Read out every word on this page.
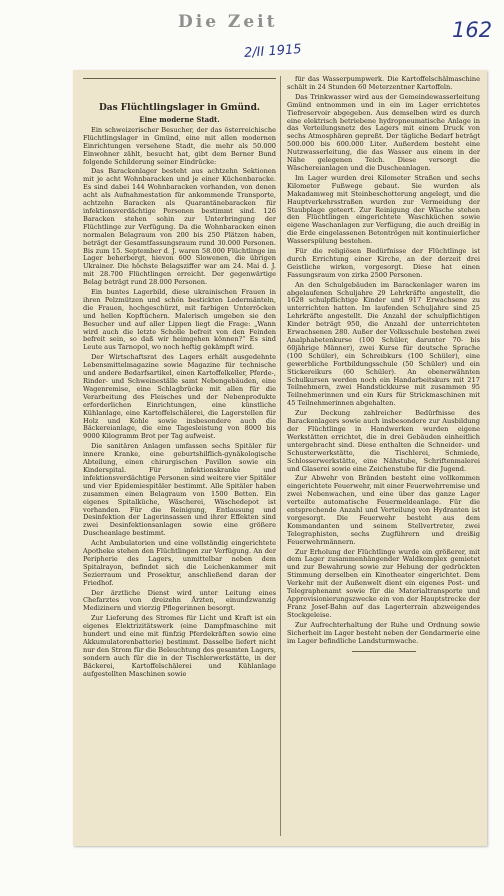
Die Zeit
2/II 1915
162
Das Flüchtlingslager in Gmünd.
Eine moderne Stadt.

Ein schweizerischer Besucher, der das österreichische Flüchtlingslager in Gmünd, eine mit allen modernen Einrichtungen versehene Stadt, die mehr als 50.000 Einwohner zählt, besucht hat, gibt dem Berner Bund folgende Schilderung seiner Eindrücke:

Das Barackenlager besteht aus achtzehn Sektionen mit je acht Wohnbaracken und je einer Küchenbaracke. Es sind dabei 144 Wohnbaracken vorhanden, von denen acht als Aufnahmestation für ankommende Transporte, achtzehn Baracken als Quarantänebaracken für infektionsverdächtige Personen bestimmt sind. 126 Baracken stehen sohin zur Unterbringung der Flüchtlinge zur Verfügung. Da die Wohnbaracken einen normalen Belagraum von 200 bis 250 Plätzen haben, beträgt der Gesamtfassungsraum rund 30.000 Personen. Bis zum 15. September d. J. waren 58.000 Flüchtlinge im Lager beherbergt, hievon 600 Slowenen, die übrigen Ukrainer. Die höchste Belagsziffer war am 24. Mai d. J. mit 28.700 Flüchtlingen erreicht. Der gegenwärtige Belag beträgt rund 28.000 Personen.

Ein buntes Lagerbild, diese ukrainischen Frauen in ihren Pelzmützen und schön bestickten Ledermänteln, die Frauen, hochgeschürzt, mit farbigen Unterröcken und hellen Kopftüchern. Malerisch umgeben sie den Besucher und auf aller Lippen liegt die Frage: „Wann wird auch die letzte Scholle befreit von den Feinden befreit sein, so daß wir heimgehen können?“ Es sind Leute aus Tarnopol, wo noch heftig gekämpft wird.

Der Wirtschaftsrat des Lagers erhält ausgedehnte Lebensmittelmagazine sowie Magazine für technische und andere Bedarfsartikel, einen Kartoffelkeller, Pferde-, Rinder- und Schweineställe samt Nebengebäuden, eine Wagenremise, eine Schlagbrücke mit allen für die Verarbeitung des Fleisches und der Nebenprodukte erforderlichen Einrichtungen, eine künstliche Kühlanlage, eine Kartoffelschälerei, die Lagerstellen für Holz und Kohle sowie insbesondere auch die Bäckereianlage, die eine Tagesleistung von 8000 bis 9000 Kilogramm Brot per Tag aufweist.

Die sanitären Anlagen umfassen sechs Spitäler für innere Kranke, eine geburtshilflich-gynäkologische Abteilung, einen chirurgischen Pavillon sowie ein Kinderspital. Für infektionskranke und infektionsverdächtige Personen sind weitere vier Spitäler und vier Epidemiespitäler bestimmt. Alle Spitäler haben zusammen einen Belagraum von 1500 Betten. Ein eigenes Spitalküche, Wäscherei, Wäschedepot ist vorhanden. Für die Reinigung, Entlausung und Desinfektion der Lagerinsassen und ihrer Effekten sind zwei Desinfektionsanlagen sowie eine größere Duscheanlage bestimmt.

Acht Ambulatorien und eine vollständig eingerichtete Apotheke stehen den Flüchtlingen zur Verfügung. An der Peripherie des Lagers, unmittelbar neben dem Spitalrayon, befindet sich die Leichenkammer mit Sezierraum und Prosektur, anschließend daran der Friedhof.

Der ärztliche Dienst wird unter Leitung eines Chefarztes von dreizehn Ärzten, einundzwanzig Medizinern und vierzig Pflegerinnen besorgt.

Zur Lieferung des Stromes für Licht und Kraft ist ein eigenes Elektrizitätswerk (eine Dampfmaschine mit hundert und eine mit fünfzig Pferdekräften sowie eine Akkumulatorenbatterie) bestimmt. Dasselbe liefert nicht nur den Strom für die Beleuchtung des gesamten Lagers, sondern auch für die in der Tischlerwerkstätte, in der Bäckerei, Kartoffelschälerei und Kühlanlage aufgestellten Maschinen sowie

für das Wasserpumpwerk. Die Kartoffelschälmaschine schält in 24 Stunden 60 Meterzentner Kartoffeln.

Das Trinkwasser wird aus der Gemeindewasserleitung Gmünd entnommen und in ein im Lager errichtetes Tiefreservoir abgegeben. Aus demselben wird es durch eine elektrisch betriebene hydropneumatische Anlage in das Verteilungsnetz des Lagers mit einem Druck von sechs Atmosphären gepreßt. Der tägliche Bedarf beträgt 500.000 bis 600.000 Liter. Außerdem besteht eine Nutzwasserleitung, die das Wasser aus einem in der Nähe gelegenen Teich. Diese versorgt die Wäschereianlagen und die Duscheanlagen.

Im Lager wurden drei Kilometer Straßen und sechs Kilometer Fußwege gebaut. Sie wurden als Makadamweg mit Steinbeschotterung angelegt, und die Hauptverkehrsstraßen wurden zur Vermeidung der Staubplage geteert. Zur Reinigung der Wäsche stehen den Flüchtlingen eingerichtete Waschküchen sowie eigene Waschanlagen zur Verfügung, die auch dreißig in die Erde eingelassenen Betontrögen mit kontinuierlicher Wasserspülung bestehen.

Für die religiösen Bedürfnisse der Flüchtlinge ist durch Errichtung einer Kirche, an der derzeit drei Geistliche wirken, vorgesorgt. Diese hat einen Fassungsraum von zirka 2500 Personen.

An den Schulgebäuden im Barackenlager waren im abgelaufenen Schuljahre 29 Lehrkräfte angestellt, die 1628 schulpflichtige Kinder und 917 Erwachsene zu unterrichten hatten. Im laufenden Schuljahre sind 25 Lehrkräfte angestellt. Die Anzahl der schulpflichtigen Kinder beträgt 950, die Anzahl der unterrichteten Erwachsenen 280. Außer der Volksschule bestehen zwei Analphabetenkurse (100 Schüler, darunter 70- bis 60jährige Männer), zwei Kurse für deutsche Sprache (100 Schüler), ein Schreibkurs (100 Schüler), eine gewerbliche Fortbildungsschule (50 Schüler) und ein Stickereikurs (60 Schüler). An obenerwähnten Schulkursen werden noch ein Handarbeitskurs mit 217 Teilnehmern, zwei Handstickkurse mit zusammen 95 Teilnehmerinnen und ein Kurs für Strickmaschinen mit 45 Teilnehmerinnen abgehalten.

Zur Deckung zahlreicher Bedürfnisse des Barackenlagers sowie auch insbesondere zur Ausbildung der Flüchtlinge in Handwerken wurden eigene Werkstätten errichtet, die in drei Gebäuden einheitlich untergebracht sind. Diese enthalten die Schneider- und Schusterwerkstätte, die Tischlerei, Schmiede, Schlosserwerkstätte, eine Nähstube, Schriftenmalerei und Glaserei sowie eine Zeichenstube für die Jugend.

Zur Abwehr von Bränden besteht eine vollkommen eingerichtete Feuerwehr, mit einer Feuerwehrremise und zwei Nebenwachen, und eine über das ganze Lager verteilte automatische Feuermeldeanlage. Für die entsprechende Anzahl und Verteilung von Hydranten ist vorgesorgt. Die Feuerwehr besteht aus dem Kommandanten und seinem Stellvertreter, zwei Telegraphisten, sechs Zugführern und dreißig Feuerwehrmännern.

Zur Erholung der Flüchtlinge wurde ein größerer, mit dem Lager zusammenhängender Waldkomplex gemietet und zur Bewahrung sowie zur Hebung der gedrückten Stimmung derselben ein Kinotheater eingerichtet. Dem Verkehr mit der Außenwelt dient ein eigenes Post- und Telegraphenamt sowie für die Materialtransporte und Approvisionierungszwecke ein von der Hauptstrecke der Franz Josef-Bahn auf das Lagerterrain abzweigendes Stockgeleise.

Zur Aufrechterhaltung der Ruhe und Ordnung sowie Sicherheit im Lager besteht neben der Gendarmerie eine im Lager befindliche Landsturmwache.
